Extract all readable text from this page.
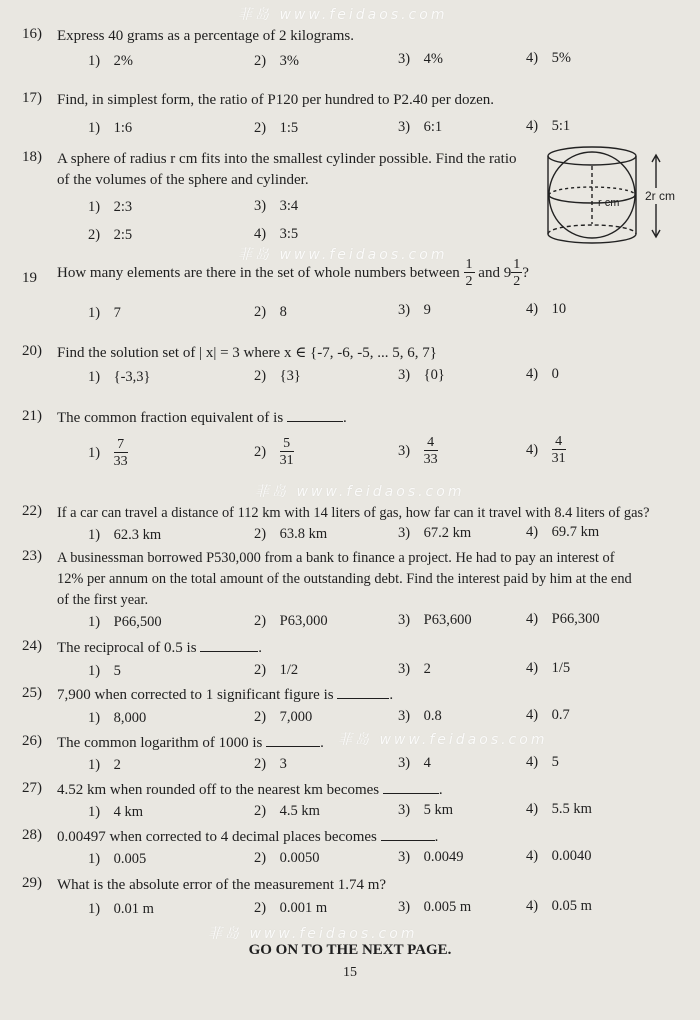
菲岛 www.feidaos.com
菲岛 www.feidaos.com
菲岛 www.feidaos.com
菲岛 www.feidaos.com
菲岛 www.feidaos.com
16) Express 40 grams as a percentage of 2 kilograms.
1) 2%	2) 3%	3) 4%	4) 5%
17) Find, in simplest form, the ratio of P120 per hundred to P2.40 per dozen.
1) 1:6	2) 1:5	3) 6:1	4) 5:1
18) A sphere of radius r cm fits into the smallest cylinder possible. Find the ratio
of the volumes of the sphere and cylinder.
1) 2:3	3) 3:4
2) 2:5	4) 3:5
r cm 2r cm
19 How many elements are there in the set of whole numbers between $\frac{1}{2}$ and $9 \frac{1}{2}$ ?
1) 7	2) 8	3) 9	4) 10
20) Find the solution set of | x| = 3 where x ∈ {-7, -6, -5, ... 5, 6, 7}
1) {-3,3}	2) {3}	3) {0}	4) 0
21) The common fraction equivalent of is	.
$1) \frac{7}{33}$	$2) \frac{5}{31}$	$3) \frac{4}{33}$	$4) \frac{4}{31}$
22) If a car can travel a distance of 112 km with 14 liters of gas, how far can it travel with 8.4 liters of gas?
1) 62.3 km	2) 63.8 km	3) 67.2 km	4) 69.7 km
23) A businessman borrowed P530,000 from a bank to finance a project. He had to pay an interest of
12% per annum on the total amount of the outstanding debt. Find the interest paid by him at the end
of the first year.
1) P66,500	2) P63,000	3) P63,600	4) P66,300
24) The reciprocal of 0.5 is	.
1) 5	2) 1/2	3) 2	4) 1/5
25) 7,900 when corrected to 1 significant figure is	.
1) 8,000	2) 7,000	3) 0.8	4) 0.7
26) The common logarithm of 1000 is	.
1) 2	2) 3	3) 4	4) 5
27) 4.52 km when rounded off to the nearest km becomes	.
1) 4 km	2) 4.5 km	3) 5 km	4) 5.5 km
28) 0.00497 when corrected to 4 decimal places becomes	.
1) 0.005	2) 0.0050	3) 0.0049	4) 0.0040
29) What is the absolute error of the measurement 1.74 m?
1) 0.01 m	2) 0.001 m	3) 0.005 m	4) 0.05 m
GO ON TO THE NEXT PAGE.
15
